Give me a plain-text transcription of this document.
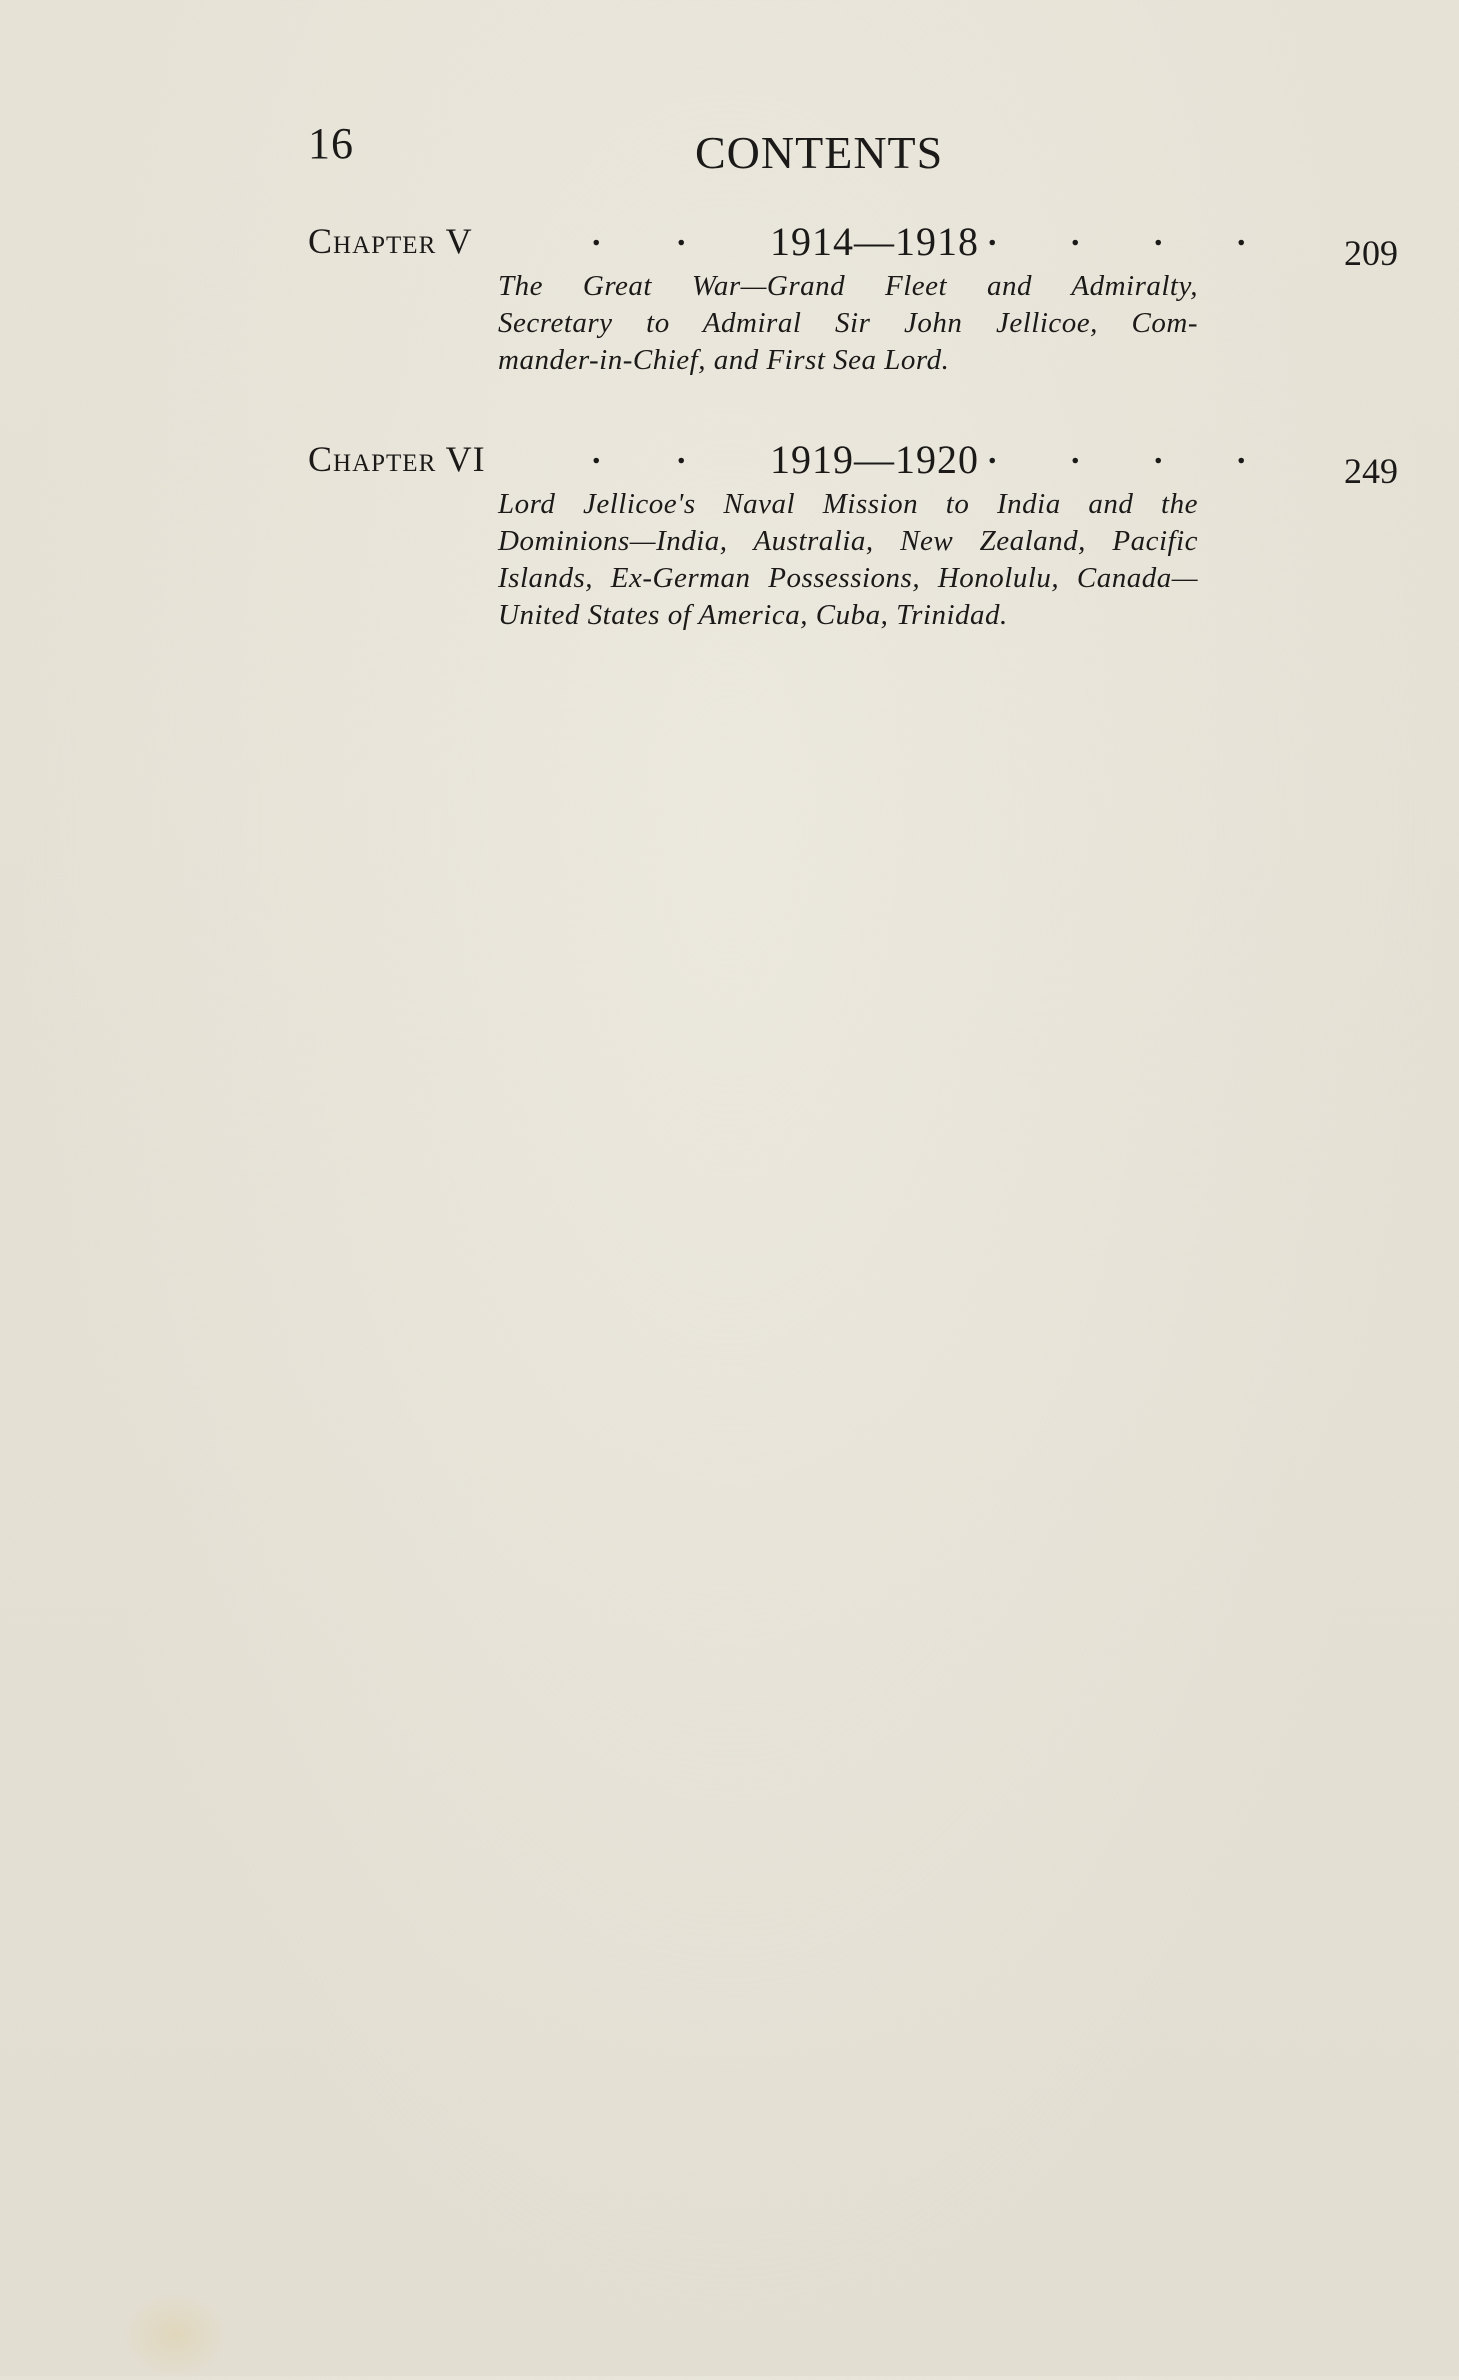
16	CONTENTS
Chapter V	. . 1914—1918 . . . .	209
The Great War—Grand Fleet and Admiralty,
Secretary to Admiral Sir John Jellicoe, Com-
mander-in-Chief, and First Sea Lord.
Chapter VI	. . 1919—1920 . . . .	249
Lord Jellicoe's Naval Mission to India and the
Dominions—India, Australia, New Zealand, Pacific
Islands, Ex-German Possessions, Honolulu, Canada—
United States of America, Cuba, Trinidad.
